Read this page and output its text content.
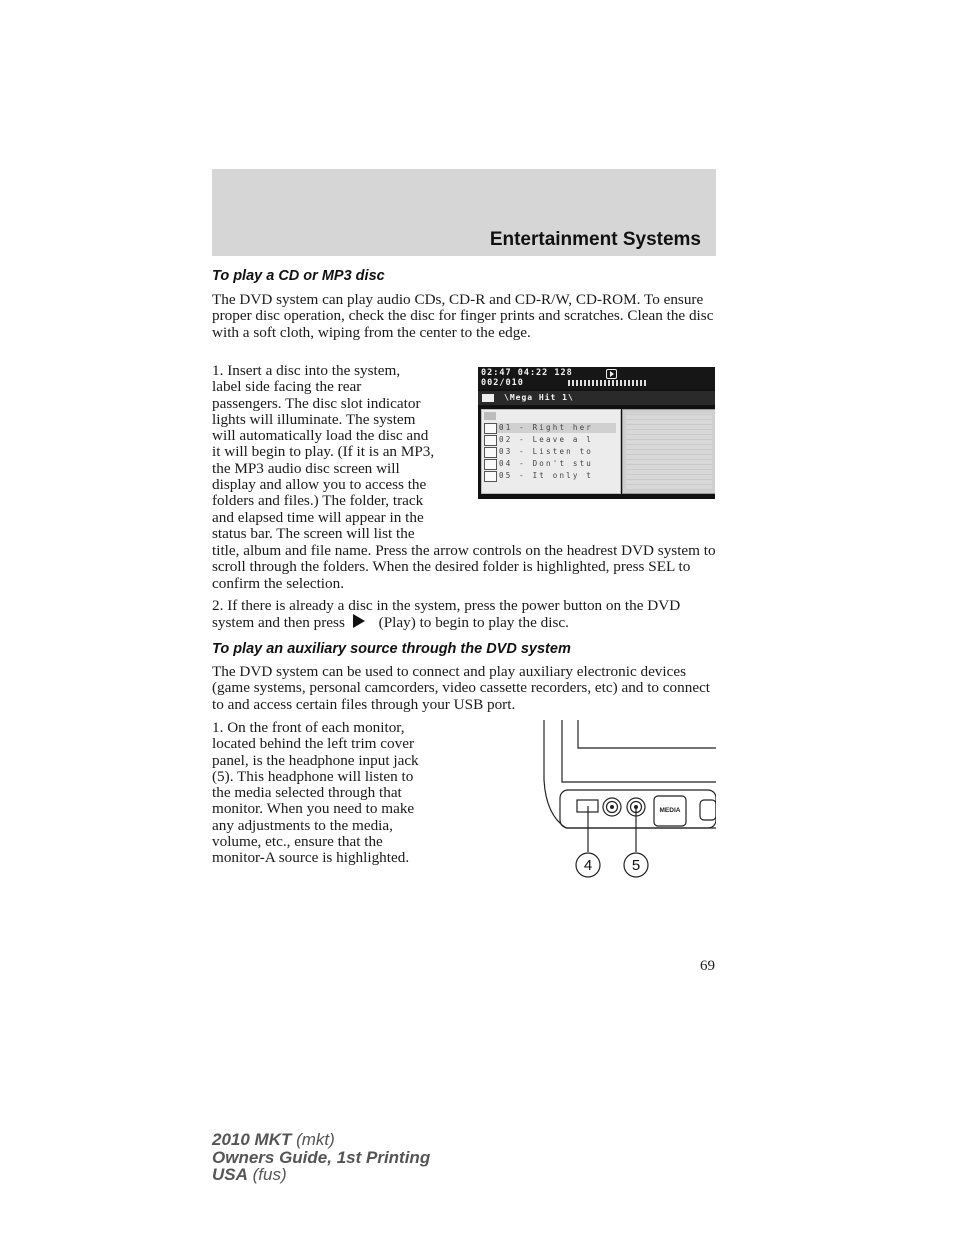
Entertainment Systems
To play a CD or MP3 disc

The DVD system can play audio CDs, CD-R and CD-R/W, CD-ROM. To ensure proper disc operation, check the disc for finger prints and scratches. Clean the disc with a soft cloth, wiping from the center to the edge.

1. Insert a disc into the system,
label side facing the rear
passengers. The disc slot indicator
lights will illuminate. The system
will automatically load the disc and
it will begin to play. (If it is an MP3,
the MP3 audio disc screen will
display and allow you to access the
folders and files.) The folder, track
and elapsed time will appear in the
status bar. The screen will list the

title, album and file name. Press the arrow controls on the headrest DVD system to scroll through the folders. When the desired folder is highlighted, press SEL to confirm the selection.

2. If there is already a disc in the system, press the power button on the DVD system and then press (Play) to begin to play the disc.

02:47 04:22 128
002/010
\Mega Hit 1\
01 - Right her
02 - Leave a l
03 - Listen to
04 - Don't stu
05 - It only t
To play an auxiliary source through the DVD system

The DVD system can be used to connect and play auxiliary electronic devices (game systems, personal camcorders, video cassette recorders, etc) and to connect to and access certain files through your USB port.

1. On the front of each monitor,
located behind the left trim cover
panel, is the headphone input jack
(5). This headphone will listen to
the media selected through that
monitor. When you need to make
any adjustments to the media,
volume, etc., ensure that the
monitor-A source is highlighted.
MEDIA
4	5
69
2010 MKT (mkt)
Owners Guide, 1st Printing
USA (fus)
